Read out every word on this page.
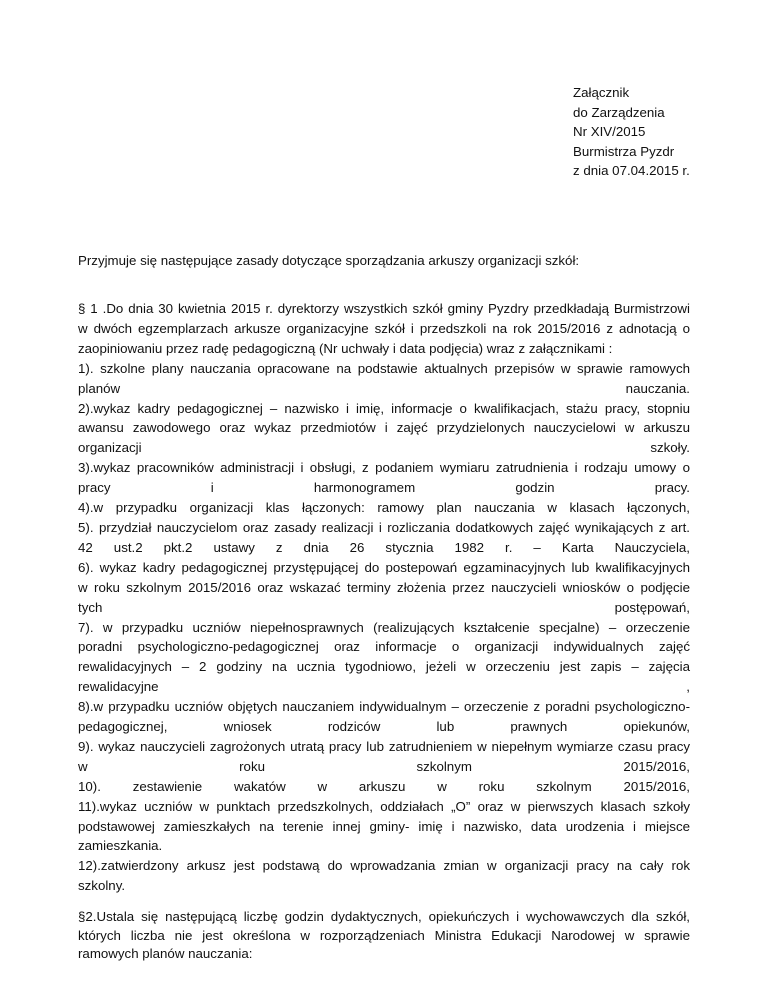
Załącznik
do Zarządzenia
Nr XIV/2015
Burmistrza Pyzdr
z dnia 07.04.2015 r.

Przyjmuje się następujące zasady dotyczące sporządzania arkuszy organizacji szkół:

§ 1 .Do dnia 30 kwietnia 2015 r. dyrektorzy wszystkich szkół gminy Pyzdry przedkładają Burmistrzowi
w dwóch egzemplarzach arkusze organizacyjne szkół i przedszkoli na rok 2015/2016 z adnotacją o
zaopiniowaniu przez radę pedagogiczną (Nr uchwały i data podjęcia) wraz z załącznikami :
1). szkolne plany nauczania opracowane na podstawie aktualnych przepisów w sprawie ramowych
planów nauczania.
2).wykaz kadry pedagogicznej – nazwisko i imię, informacje o kwalifikacjach, stażu pracy, stopniu
awansu zawodowego oraz wykaz przedmiotów i zajęć przydzielonych nauczycielowi w arkuszu
organizacji szkoły.
3).wykaz pracowników administracji i obsługi, z podaniem wymiaru zatrudnienia i rodzaju umowy o
pracy i harmonogramem godzin pracy.
4).w przypadku organizacji klas łączonych: ramowy plan nauczania w klasach łączonych,
5). przydział nauczycielom oraz zasady realizacji i rozliczania dodatkowych zajęć wynikających z art.
42 ust.2 pkt.2 ustawy z dnia 26 stycznia 1982 r. – Karta Nauczyciela,
6). wykaz kadry pedagogicznej przystępującej do postepowań egzaminacyjnych lub kwalifikacyjnych
w roku szkolnym 2015/2016 oraz wskazać terminy złożenia przez nauczycieli wniosków o podjęcie
tych postępowań,
7). w przypadku uczniów niepełnosprawnych (realizujących kształcenie specjalne) – orzeczenie
poradni psychologiczno-pedagogicznej oraz informacje o organizacji indywidualnych zajęć
rewalidacyjnych – 2 godziny na ucznia tygodniowo, jeżeli w orzeczeniu jest zapis – zajęcia
rewalidacyjne ,
8).w przypadku uczniów objętych nauczaniem indywidualnym – orzeczenie z poradni psychologiczno-
pedagogicznej, wniosek rodziców lub prawnych opiekunów,
9). wykaz nauczycieli zagrożonych utratą pracy lub zatrudnieniem w niepełnym wymiarze czasu pracy
w roku szkolnym 2015/2016,
10). zestawienie wakatów w arkuszu w roku szkolnym 2015/2016,
11).wykaz uczniów w punktach przedszkolnych, oddziałach „O” oraz w pierwszych klasach szkoły
podstawowej zamieszkałych na terenie innej gminy- imię i nazwisko, data urodzenia i miejsce
zamieszkania.
12).zatwierdzony arkusz jest podstawą do wprowadzania zmian w organizacji pracy na cały rok
szkolny.
§2.Ustala się następującą liczbę godzin dydaktycznych, opiekuńczych i wychowawczych dla szkół,
których liczba nie jest określona w rozporządzeniach Ministra Edukacji Narodowej w sprawie
ramowych planów nauczania:
